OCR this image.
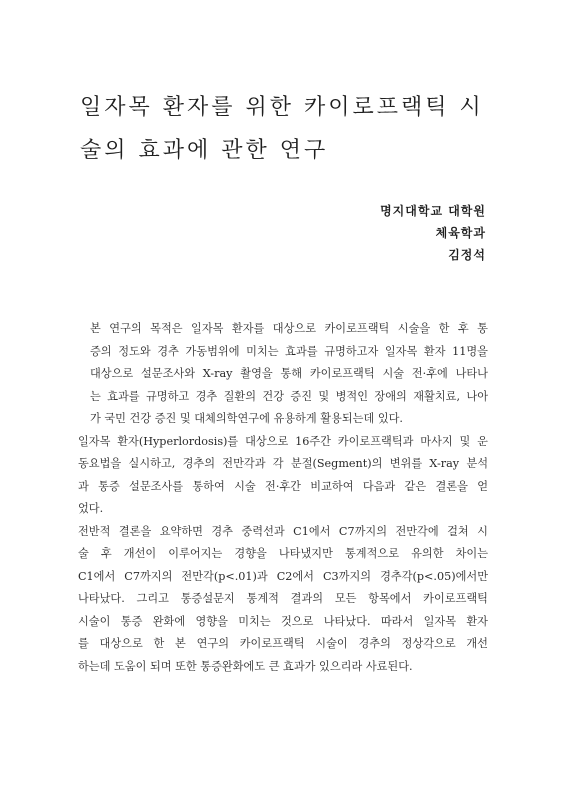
일자목 환자를 위한 카이로프랙틱 시
술의 효과에 관한 연구
명지대학교 대학원
체육학과
김정석

본 연구의 목적은 일자목 환자를 대상으로 카이로프랙틱 시술을 한 후 통
증의 정도와 경추 가동범위에 미치는 효과를 규명하고자 일자목 환자 11명을
대상으로 설문조사와 X-ray 촬영을 통해 카이로프랙틱 시술 전·후에 나타나
는 효과를 규명하고 경추 질환의 건강 증진 및 병적인 장애의 재활치료, 나아
가 국민 건강 증진 및 대체의학연구에 유용하게 활용되는데 있다.

일자목 환자(Hyperlordosis)를 대상으로 16주간 카이로프랙틱과 마사지 및 운
동요법을 실시하고, 경추의 전만각과 각 분절(Segment)의 변위를 X-ray 분석
과 통증 설문조사를 통하여 시술 전·후간 비교하여 다음과 같은 결론을 얻
었다.

전반적 결론을 요약하면 경추 중력선과 C1에서 C7까지의 전만각에 걸쳐 시
술 후 개선이 이루어지는 경향을 나타냈지만 통계적으로 유의한 차이는
C1에서 C7까지의 전만각(p<.01)과 C2에서 C3까지의 경추각(p<.05)에서만
나타났다. 그리고 통증설문지 통계적 결과의 모든 항목에서 카이로프랙틱
시술이 통증 완화에 영향을 미치는 것으로 나타났다. 따라서 일자목 환자
를 대상으로 한 본 연구의 카이로프랙틱 시술이 경추의 정상각으로 개선
하는데 도움이 되며 또한 통증완화에도 큰 효과가 있으리라 사료된다.
